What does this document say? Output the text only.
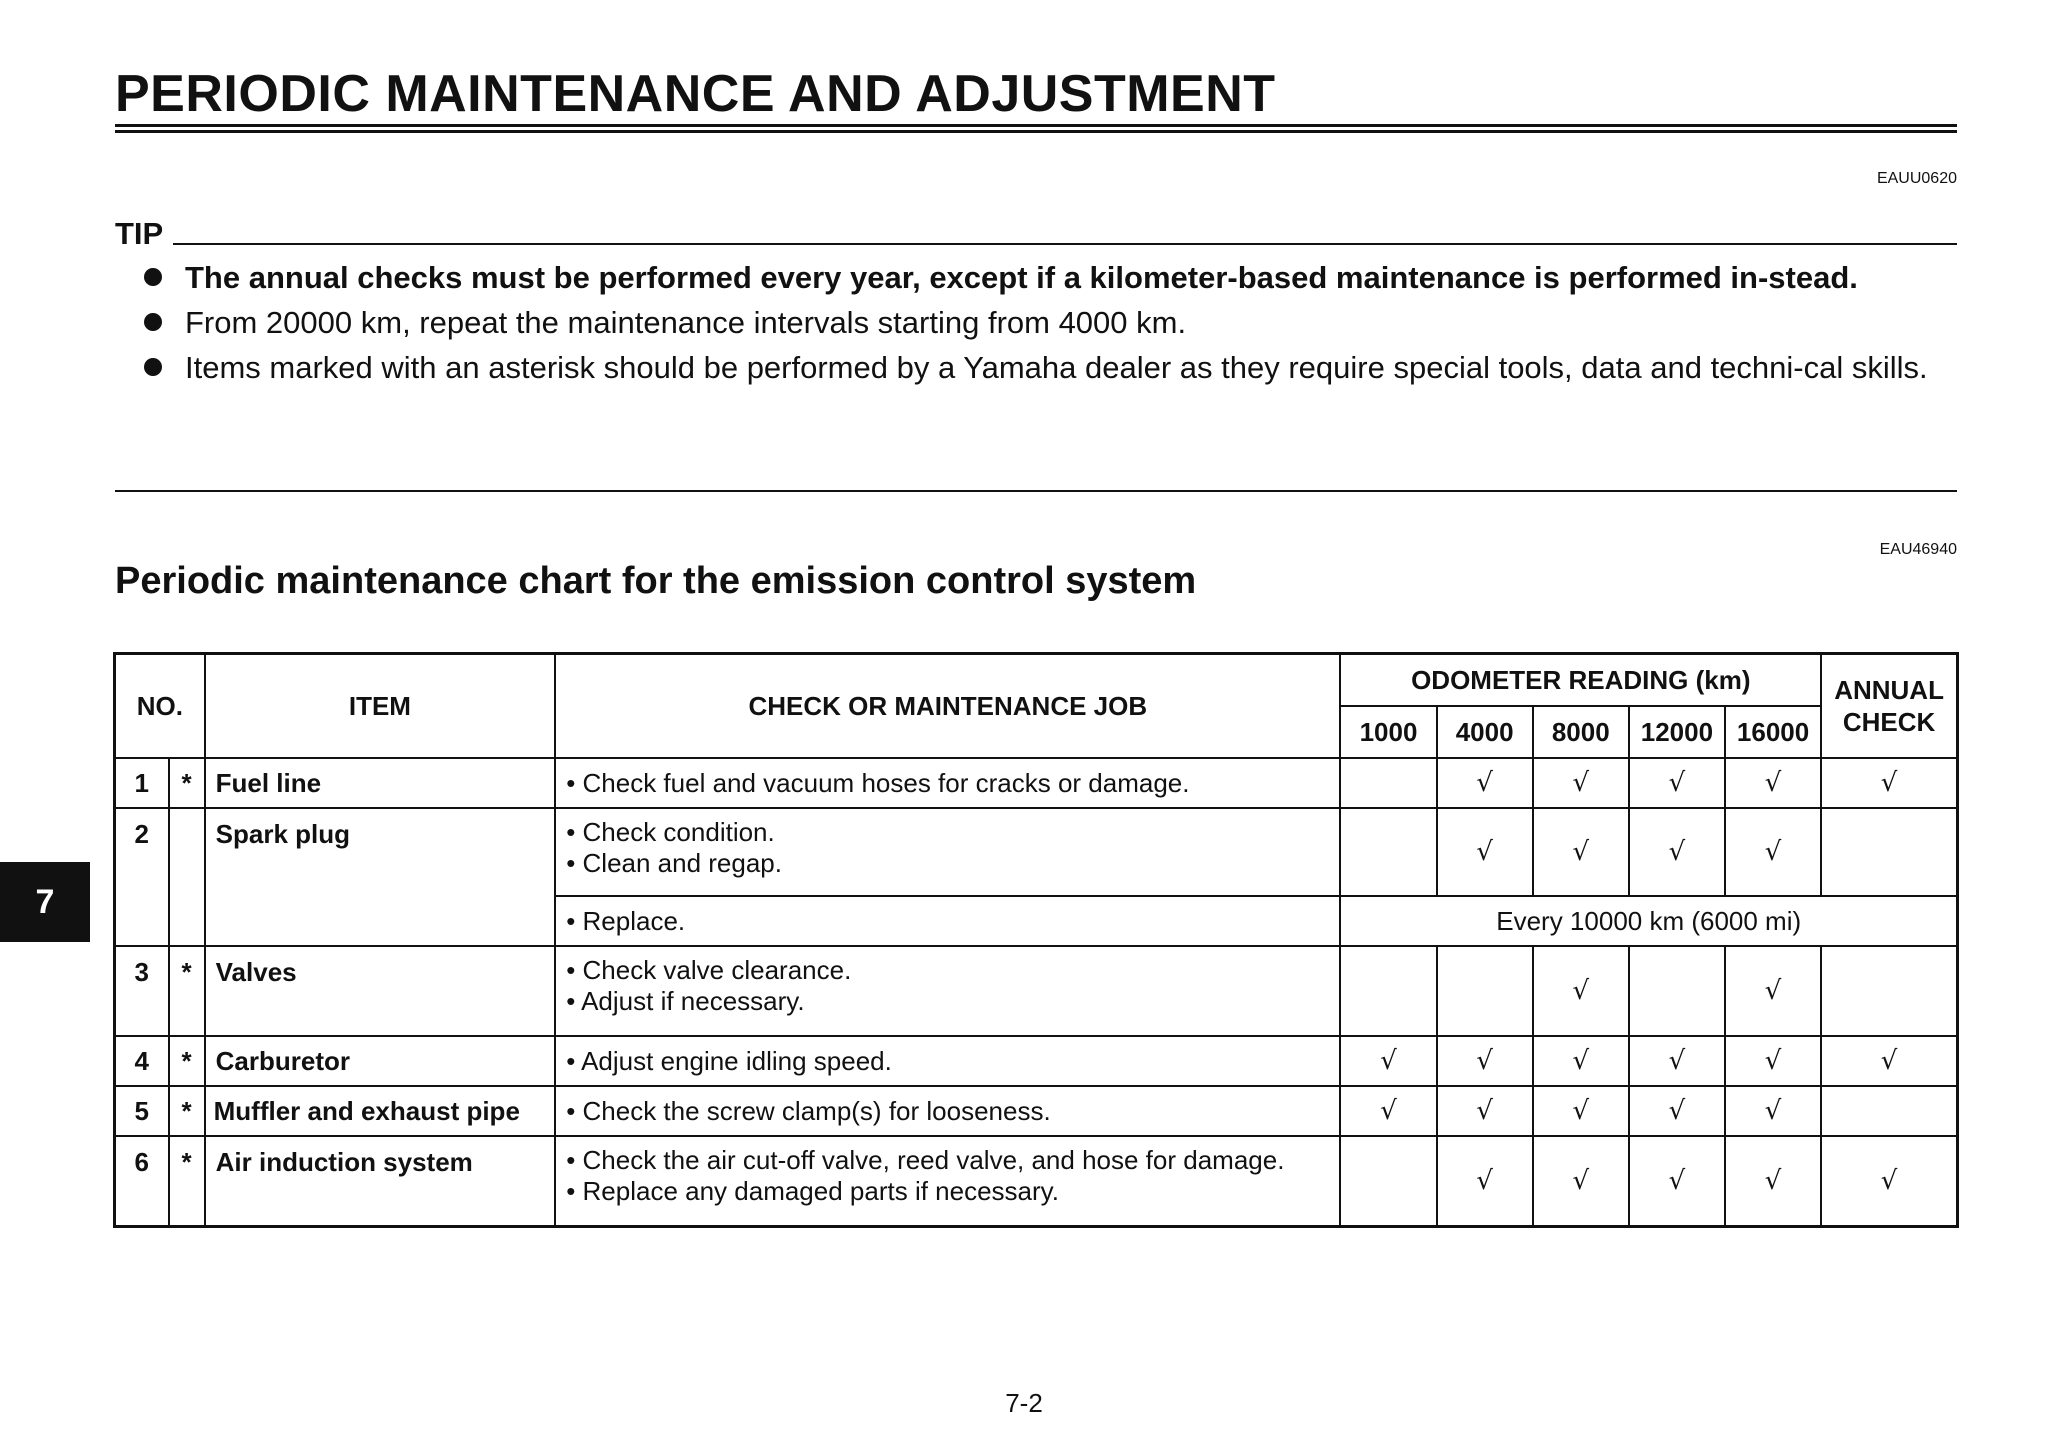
PERIODIC MAINTENANCE AND ADJUSTMENT
EAUU0620
TIP
The annual checks must be performed every year, except if a kilometer-based maintenance is performed in-stead.
From 20000 km, repeat the maintenance intervals starting from 4000 km.
Items marked with an asterisk should be performed by a Yamaha dealer as they require special tools, data and techni-cal skills.
EAU46940
Periodic maintenance chart for the emission control system
NO.		ITEM	CHECK OR MAINTENANCE JOB	ODOMETER READING (km)					ANNUAL CHECK
				1000	4000	8000	12000	16000	
1	*	Fuel line	• Check fuel and vacuum hoses for cracks or damage.		√	√	√	√	√
2		Spark plug	• Check condition.
• Clean and regap.		√	√	√	√	
			• Replace.	Every 10000 km (6000 mi)					
3	*	Valves	• Check valve clearance.
• Adjust if necessary.			√		√	
4	*	Carburetor	• Adjust engine idling speed.	√	√	√	√	√	√
5	*	Muffler and exhaust pipe	• Check the screw clamp(s) for looseness.	√	√	√	√	√	
6	*	Air induction system	• Check the air cut-off valve, reed valve, and hose for damage.
• Replace any damaged parts if necessary.		√	√	√	√	√
7
7-2
